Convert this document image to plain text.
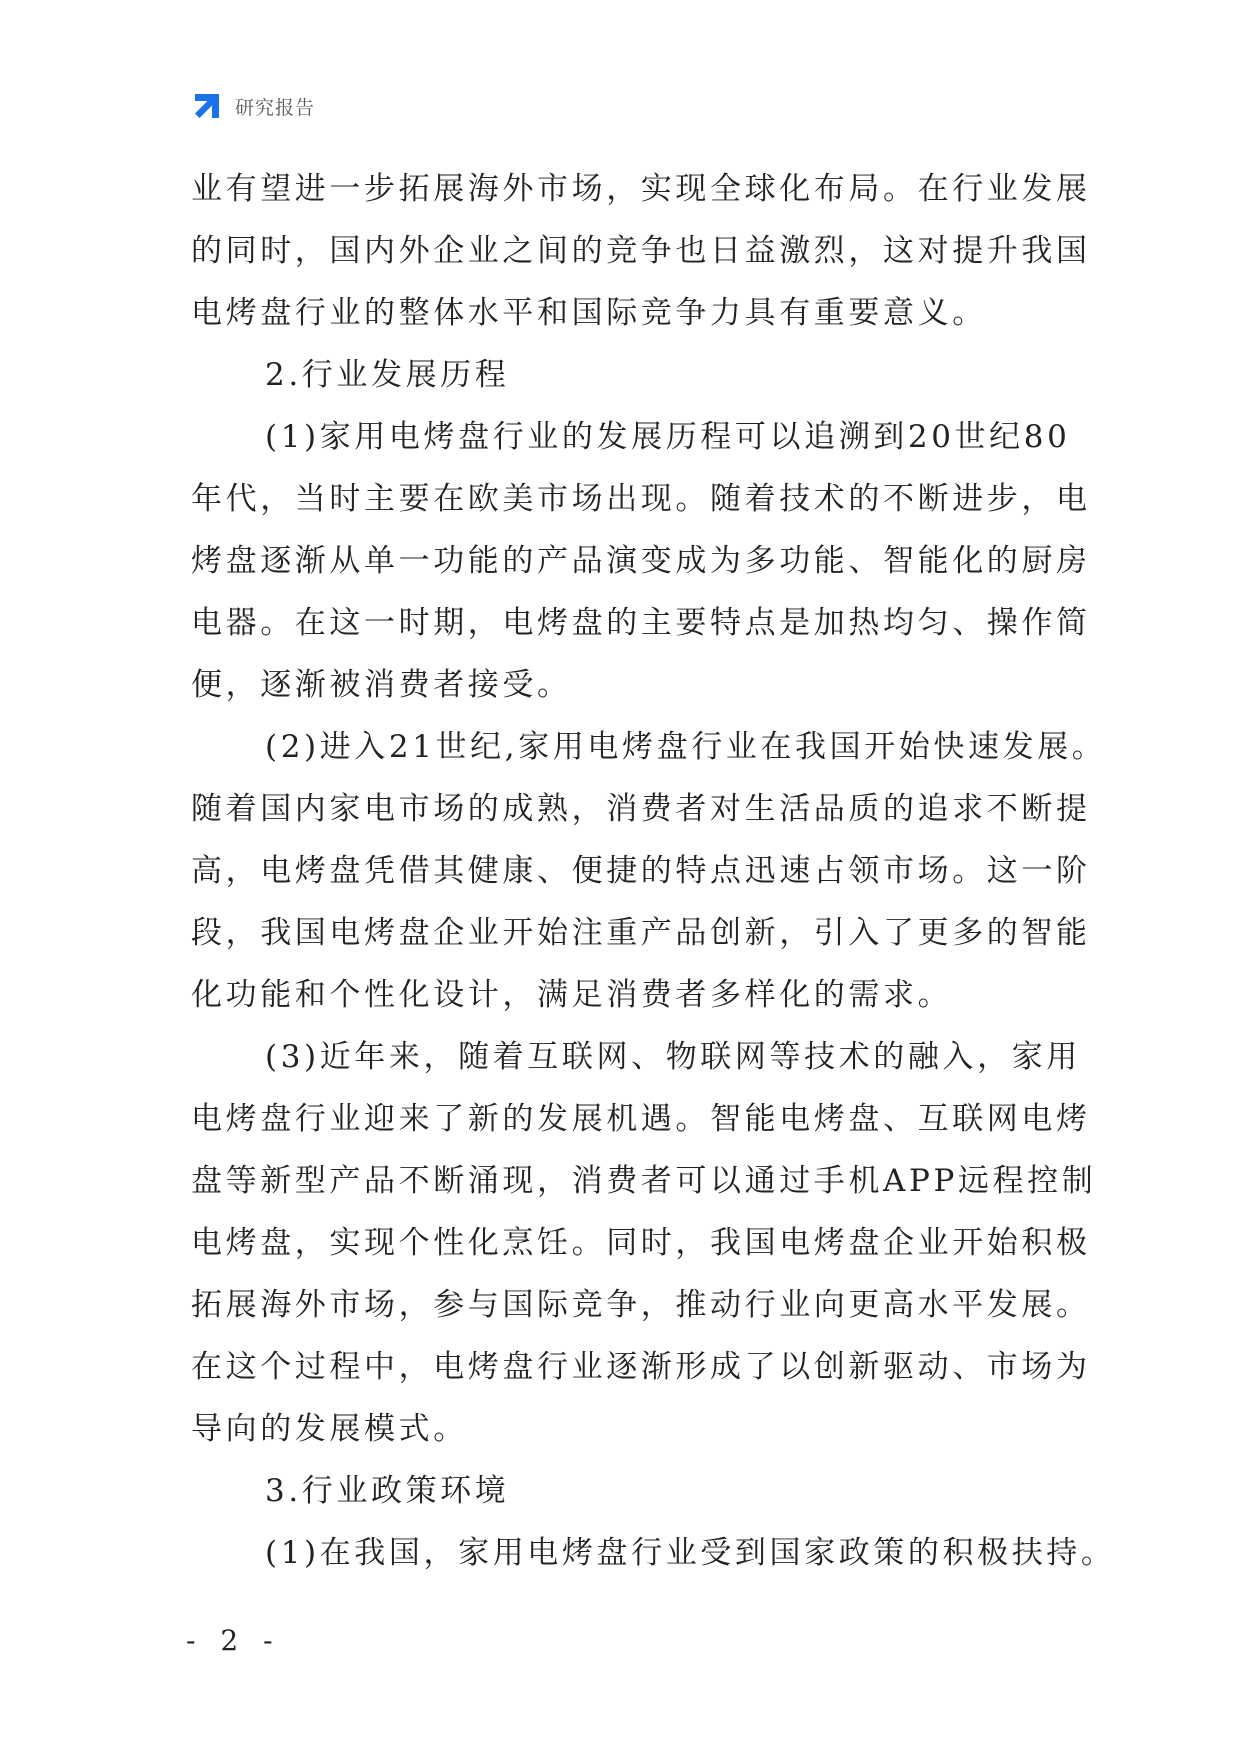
研究报告

业有望进一步拓展海外市场，实现全球化布局。在行业发展
的同时，国内外企业之间的竞争也日益激烈，这对提升我国
电烤盘行业的整体水平和国际竞争力具有重要意义。

2.行业发展历程

(1)家用电烤盘行业的发展历程可以追溯到20世纪80
年代，当时主要在欧美市场出现。随着技术的不断进步，电
烤盘逐渐从单一功能的产品演变成为多功能、智能化的厨房
电器。在这一时期，电烤盘的主要特点是加热均匀、操作简
便，逐渐被消费者接受。

(2)进入21世纪,家用电烤盘行业在我国开始快速发展。
随着国内家电市场的成熟，消费者对生活品质的追求不断提
高，电烤盘凭借其健康、便捷的特点迅速占领市场。这一阶
段，我国电烤盘企业开始注重产品创新，引入了更多的智能
化功能和个性化设计，满足消费者多样化的需求。

(3)近年来，随着互联网、物联网等技术的融入，家用
电烤盘行业迎来了新的发展机遇。智能电烤盘、互联网电烤
盘等新型产品不断涌现，消费者可以通过手机APP远程控制
电烤盘，实现个性化烹饪。同时，我国电烤盘企业开始积极
拓展海外市场，参与国际竞争，推动行业向更高水平发展。
在这个过程中，电烤盘行业逐渐形成了以创新驱动、市场为
导向的发展模式。

3.行业政策环境

(1)在我国，家用电烤盘行业受到国家政策的积极扶持。

- 2 -
